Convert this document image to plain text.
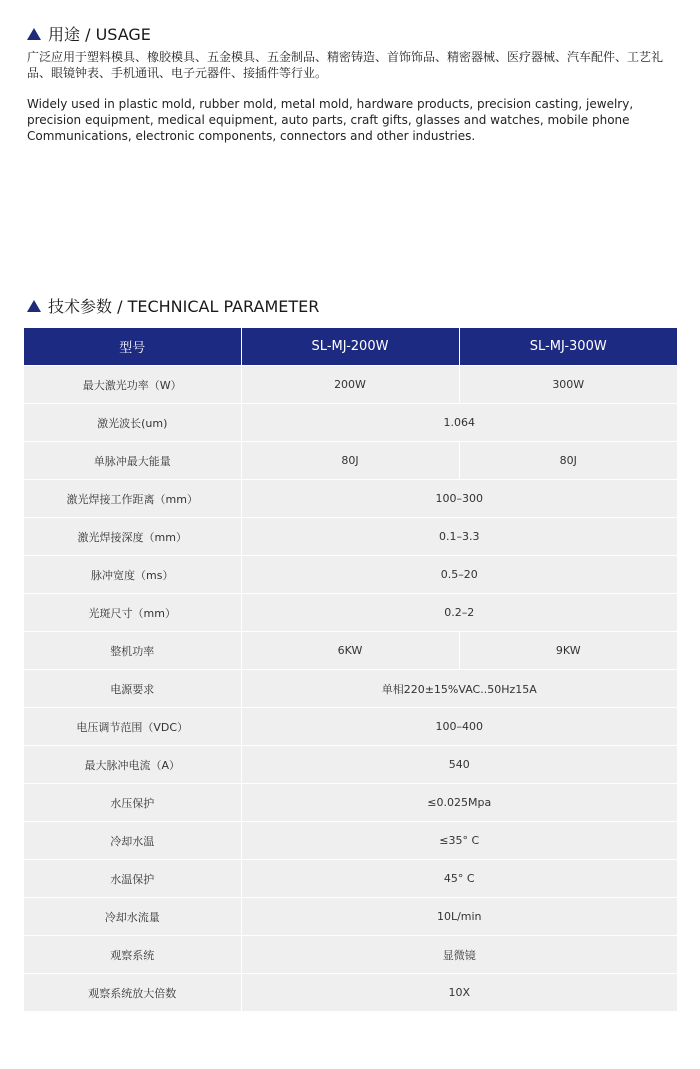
用途 / USAGE
广泛应用于塑料模具、橡胶模具、五金模具、五金制品、精密铸造、首饰饰品、精密器械、医疗器械、汽车配件、工艺礼品、眼镜钟表、手机通讯、电子元器件、接插件等行业。
Widely used in plastic mold, rubber mold, metal mold, hardware products, precision casting, jewelry, precision equipment, medical equipment, auto parts, craft gifts, glasses and watches, mobile phone Communications, electronic components, connectors and other industries.
技术参数 / TECHNICAL PARAMETER
型号	SL-MJ-200W	SL-MJ-300W
最大激光功率（W）	200W	300W
激光波长(um)	1.064	
单脉冲最大能量	80J	80J
激光焊接工作距离（mm）	100–300	
激光焊接深度（mm）	0.1–3.3	
脉冲宽度（ms）	0.5–20	
光斑尺寸（mm）	0.2–2	
整机功率	6KW	9KW
电源要求	单相220±15%VAC..50Hz15A	
电压调节范围（VDC）	100–400	
最大脉冲电流（A）	540	
水压保护	≤0.025Mpa	
冷却水温	≤35° C	
水温保护	45° C	
冷却水流量	10L/min	
观察系统	显微镜	
观察系统放大倍数	10X	
